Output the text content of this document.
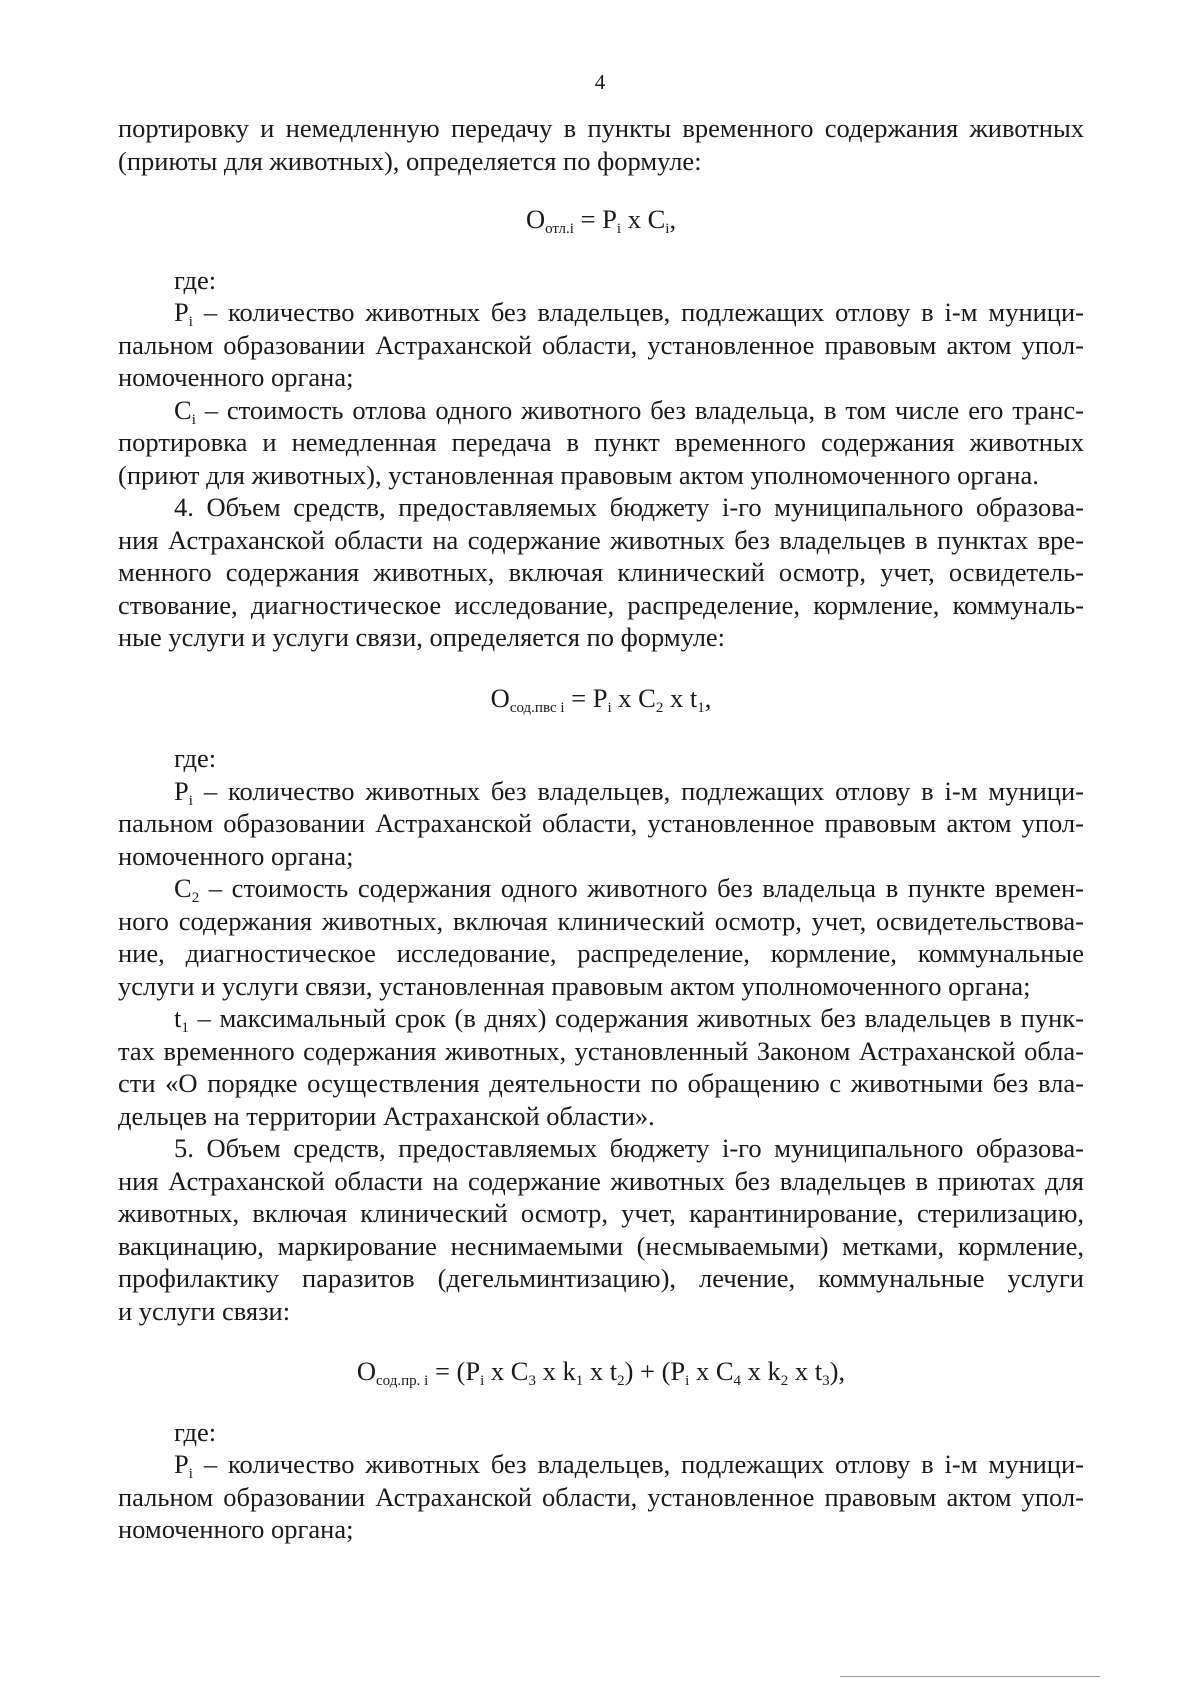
4
портировку и немедленную передачу в пункты временного содержания животных
(приюты для животных), определяется по формуле:
$О_{отл.i} = P_i$ x $C_i$,
где:
$P_i$ – количество животных без владельцев, подлежащих отлову в i-м муници-
пальном образовании Астраханской области, установленное правовым актом упол-
номоченного органа;
$C_i$ – стоимость отлова одного животного без владельца, в том числе его транс-
портировка и немедленная передача в пункт временного содержания животных
(приют для животных), установленная правовым актом уполномоченного органа.
4. Объем средств, предоставляемых бюджету i-го муниципального образова-
ния Астраханской области на содержание животных без владельцев в пунктах вре-
менного содержания животных, включая клинический осмотр, учет, освидетель-
ствование, диагностическое исследование, распределение, кормление, коммуналь-
ные услуги и услуги связи, определяется по формуле:
$О_{сод.пвс i} = P_i$ x $C_2$ x $t_1$,
где:
$P_i$ – количество животных без владельцев, подлежащих отлову в i-м муници-
пальном образовании Астраханской области, установленное правовым актом упол-
номоченного органа;
$C_2$ – стоимость содержания одного животного без владельца в пункте времен-
ного содержания животных, включая клинический осмотр, учет, освидетельствова-
ние, диагностическое исследование, распределение, кормление, коммунальные
услуги и услуги связи, установленная правовым актом уполномоченного органа;
$t_1$ – максимальный срок (в днях) содержания животных без владельцев в пунк-
тах временного содержания животных, установленный Законом Астраханской обла-
сти «О порядке осуществления деятельности по обращению с животными без вла-
дельцев на территории Астраханской области».
5. Объем средств, предоставляемых бюджету i-го муниципального образова-
ния Астраханской области на содержание животных без владельцев в приютах для
животных, включая клинический осмотр, учет, карантинирование, стерилизацию,
вакцинацию, маркирование неснимаемыми (несмываемыми) метками, кормление,
профилактику паразитов (дегельминтизацию), лечение, коммунальные услуги
и услуги связи:
$О_{сод.пр. i} = (P_i$ x $C_3$ x $k_1$ x $t_2) + (P_i$ x $C_4$ x $k_2$ x $t_3$),
где:
$P_i$ – количество животных без владельцев, подлежащих отлову в i-м муници-
пальном образовании Астраханской области, установленное правовым актом упол-
номоченного органа;
